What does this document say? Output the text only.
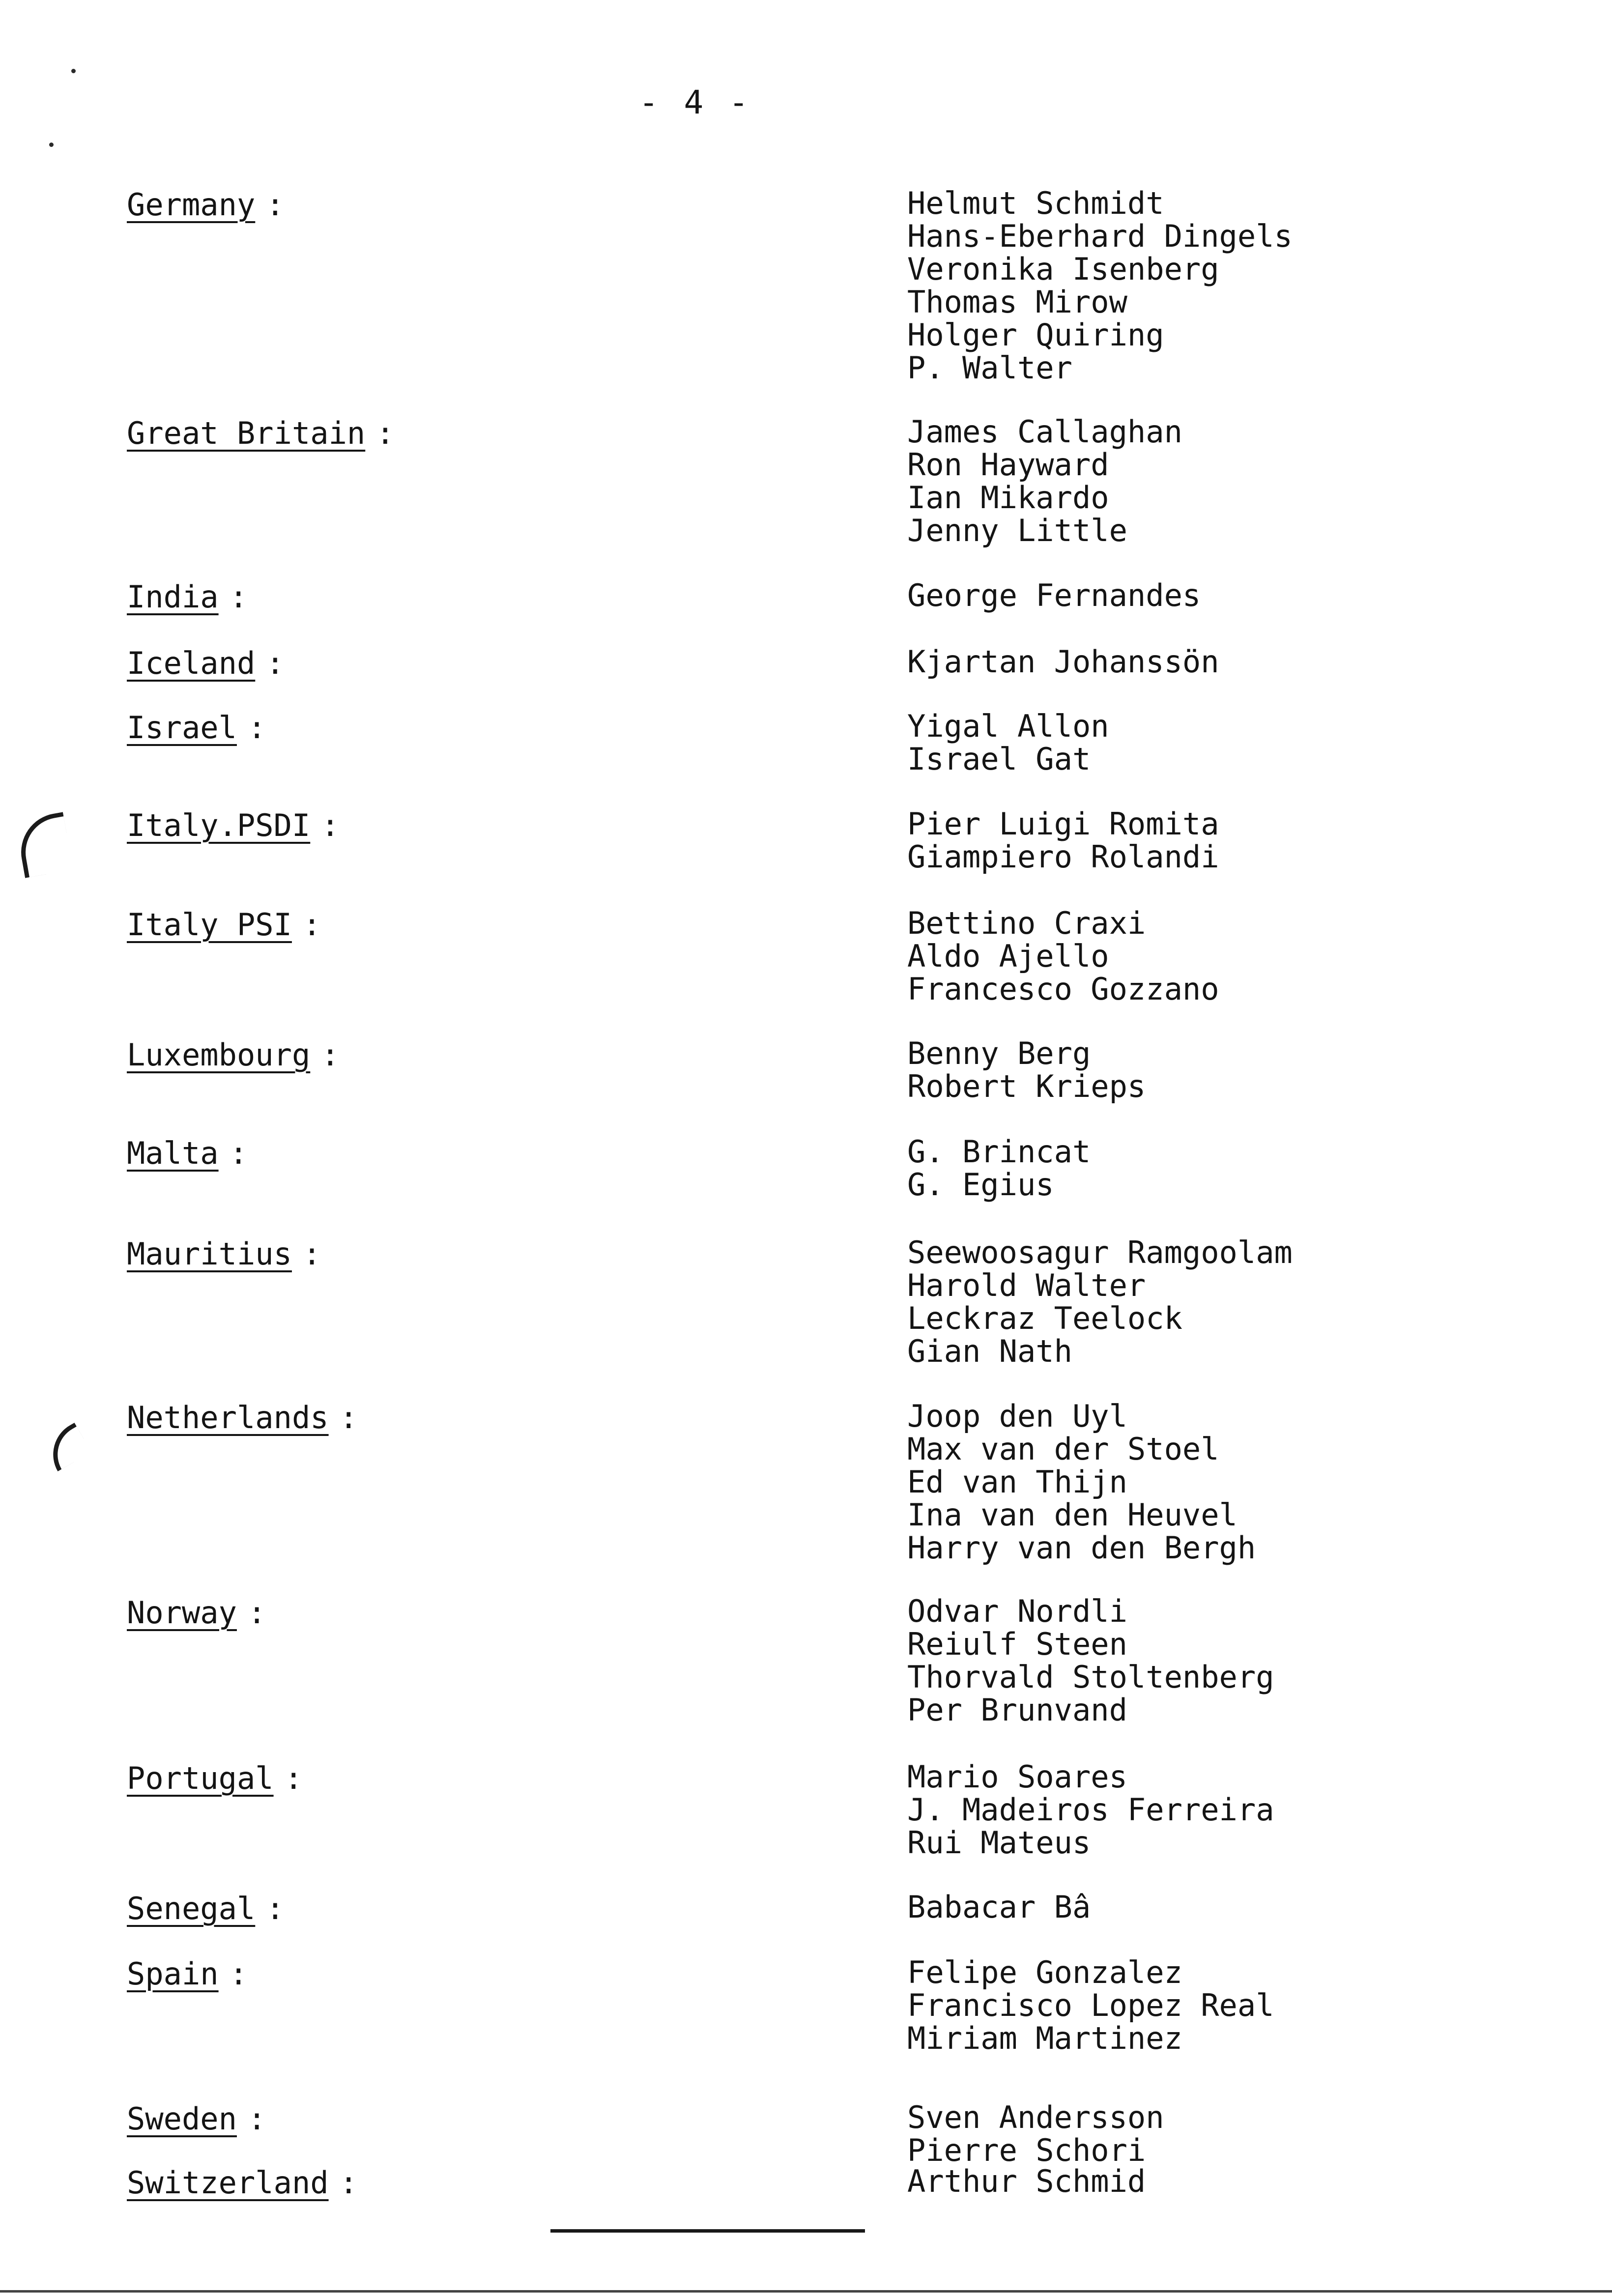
- 4 -
Germany :	Helmut Schmidt
Hans-Eberhard Dingels
Veronika Isenberg
Thomas Mirow
Holger Quiring
P. Walter
Great Britain :	James Callaghan
Ron Hayward
Ian Mikardo
Jenny Little
India :	George Fernandes
Iceland :	Kjartan Johanssön
Israel :	Yigal Allon
Israel Gat
Italy.PSDI :	Pier Luigi Romita
Giampiero Rolandi
Italy PSI :	Bettino Craxi
Aldo Ajello
Francesco Gozzano
Luxembourg :	Benny Berg
Robert Krieps
Malta :	G. Brincat
G. Egius
Mauritius :	Seewoosagur Ramgoolam
Harold Walter
Leckraz Teelock
Gian Nath
Netherlands :	Joop den Uyl
Max van der Stoel
Ed van Thijn
Ina van den Heuvel
Harry van den Bergh
Norway :	Odvar Nordli
Reiulf Steen
Thorvald Stoltenberg
Per Brunvand
Portugal :	Mario Soares
J. Madeiros Ferreira
Rui Mateus
Senegal :	Babacar Bâ
Spain :	Felipe Gonzalez
Francisco Lopez Real
Miriam Martinez
Sweden :	Sven Andersson
Pierre Schori
Switzerland :	Arthur Schmid
